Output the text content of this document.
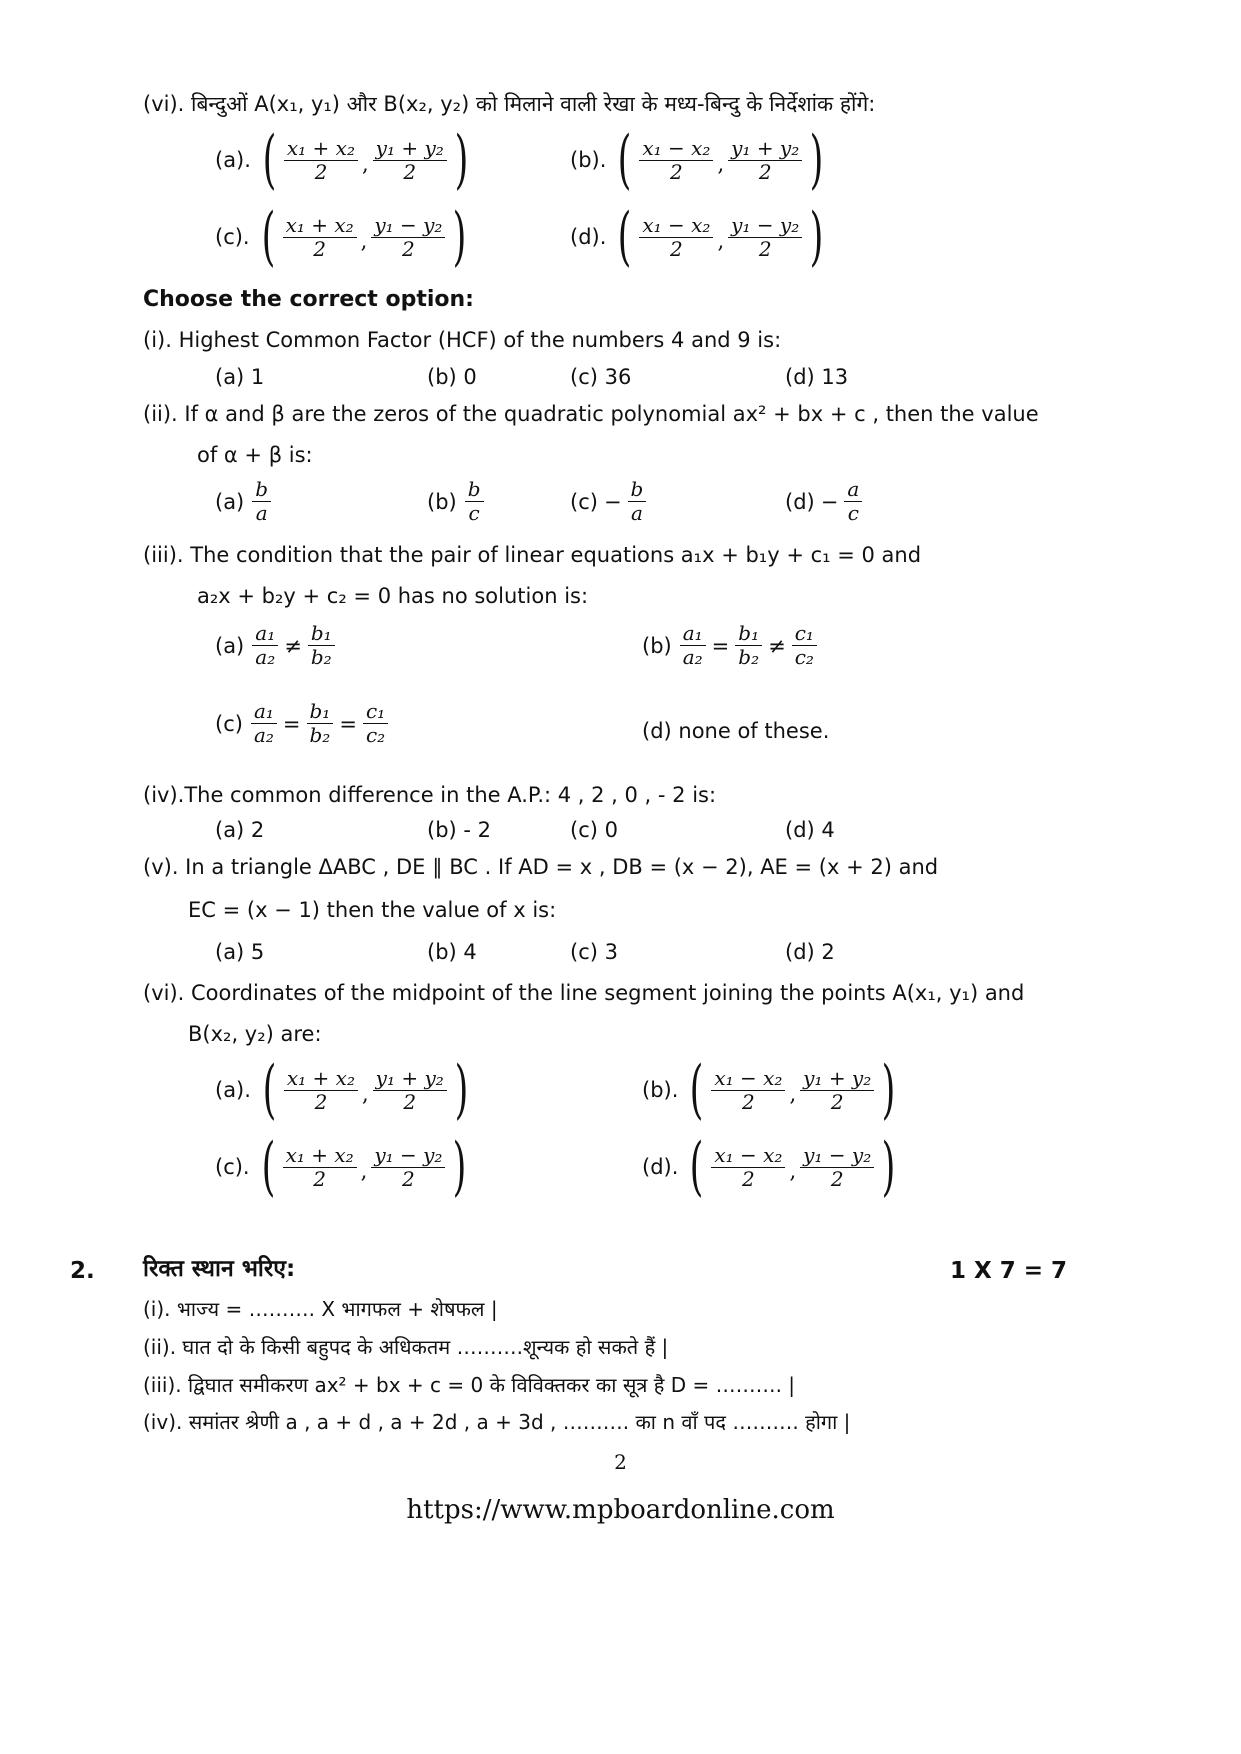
(vi). बिन्दुओं A(x₁, y₁) और B(x₂, y₂) को मिलाने वाली रेखा के मध्य-बिन्दु के निर्देशांक होंगे:
(a). ( $\frac{\text{x₁ + x₂}}{2}$ , $\frac{\text{y₁ + y₂}}{2}$ )	(b). ( $\frac{\text{x₁ − x₂}}{2}$ , $\frac{\text{y₁ + y₂}}{2}$ )
(c). ( $\frac{\text{x₁ + x₂}}{2}$ , $\frac{\text{y₁ − y₂}}{2}$ )	(d). ( $\frac{\text{x₁ − x₂}}{2}$ , $\frac{\text{y₁ − y₂}}{2}$ )
Choose the correct option:
(i). Highest Common Factor (HCF) of the numbers 4 and 9 is:
(a) 1	(b) 0	(c) 36	(d) 13
(ii). If α and β are the zeros of the quadratic polynomial ax² + bx + c , then the value
of α + β is:
$(a) \frac{b}{a}$	$(b) \frac{b}{c}$	$(c) - \frac{b}{a}$	$(d) - \frac{a}{c}$
(iii). The condition that the pair of linear equations a₁x + b₁y + c₁ = 0 and
a₂x + b₂y + c₂ = 0 has no solution is:
$(a) \frac{\text{a₁}}{\text{a₂}} \ne \frac{\text{b₁}}{\text{b₂}}$	$(b) \frac{\text{a₁}}{\text{a₂}} = \frac{\text{b₁}}{\text{b₂}} \ne \frac{\text{c₁}}{\text{c₂}}$
$(c) \frac{\text{a₁}}{\text{a₂}} = \frac{\text{b₁}}{\text{b₂}} = \frac{\text{c₁}}{\text{c₂}}$	(d) none of these.
(iv).The common difference in the A.P.: 4 , 2 , 0 , - 2 is:
(a) 2	(b) - 2	(c) 0	(d) 4
(v). In a triangle ΔABC , DE ∥ BC . If AD = x , DB = (x − 2), AE = (x + 2) and
EC = (x − 1) then the value of x is:
(a) 5	(b) 4	(c) 3	(d) 2
(vi). Coordinates of the midpoint of the line segment joining the points A(x₁, y₁) and
B(x₂, y₂) are:
(a). ( $\frac{\text{x₁ + x₂}}{2}$ , $\frac{\text{y₁ + y₂}}{2}$ )	(b). ( $\frac{\text{x₁ − x₂}}{2}$ , $\frac{\text{y₁ + y₂}}{2}$ )
(c). ( $\frac{\text{x₁ + x₂}}{2}$ , $\frac{\text{y₁ − y₂}}{2}$ )	(d). ( $\frac{\text{x₁ − x₂}}{2}$ , $\frac{\text{y₁ − y₂}}{2}$ )
2. रिक्त स्थान भरिए:	1 X 7 = 7
(i). भाज्य = ………. X भागफल + शेषफल |
(ii). घात दो के किसी बहुपद के अधिकतम ……….शून्यक हो सकते हैं |
(iii). द्विघात समीकरण ax² + bx + c = 0 के विविक्तकर का सूत्र है D = ………. |
(iv). समांतर श्रेणी a , a + d , a + 2d , a + 3d , ………. का n वाँ पद ………. होगा |
2
https://www.mpboardonline.com
